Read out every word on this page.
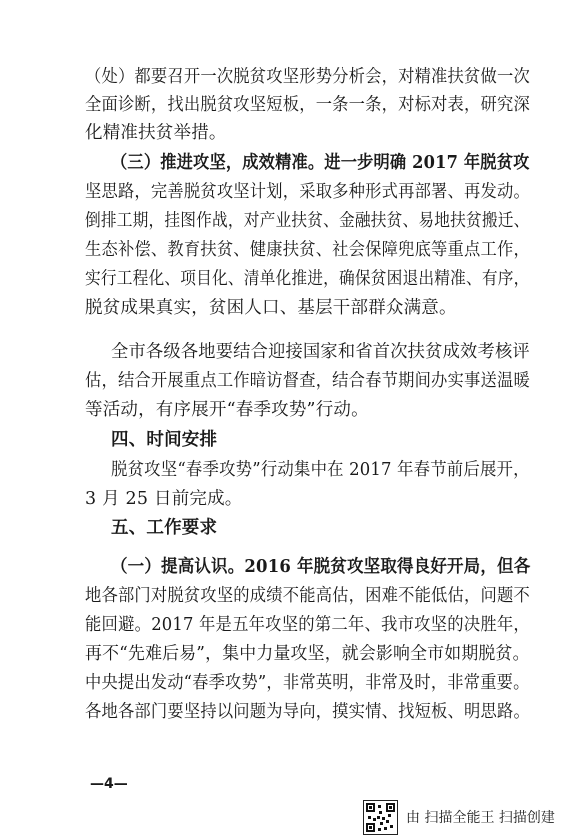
（处）都要召开一次脱贫攻坚形势分析会，对精准扶贫做一次
全面诊断，找出脱贫攻坚短板，一条一条，对标对表，研究深
化精准扶贫举措。
（三）推进攻坚，成效精准。进一步明确 2017 年脱贫攻
坚思路，完善脱贫攻坚计划，采取多种形式再部署、再发动。
倒排工期，挂图作战，对产业扶贫、金融扶贫、易地扶贫搬迁、
生态补偿、教育扶贫、健康扶贫、社会保障兜底等重点工作，
实行工程化、项目化、清单化推进，确保贫困退出精准、有序，
脱贫成果真实，贫困人口、基层干部群众满意。
全市各级各地要结合迎接国家和省首次扶贫成效考核评
估，结合开展重点工作暗访督查，结合春节期间办实事送温暖
等活动，有序展开“春季攻势”行动。
四、时间安排
脱贫攻坚“春季攻势”行动集中在 2017 年春节前后展开，
3 月 25 日前完成。
五、工作要求
（一）提高认识。2016 年脱贫攻坚取得良好开局，但各
地各部门对脱贫攻坚的成绩不能高估，困难不能低估，问题不
能回避。2017 年是五年攻坚的第二年、我市攻坚的决胜年，
再不“先难后易”，集中力量攻坚，就会影响全市如期脱贫。
中央提出发动“春季攻势”，非常英明，非常及时，非常重要。
各地各部门要坚持以问题为导向，摸实情、找短板、明思路。
—4—
由 扫描全能王 扫描创建
